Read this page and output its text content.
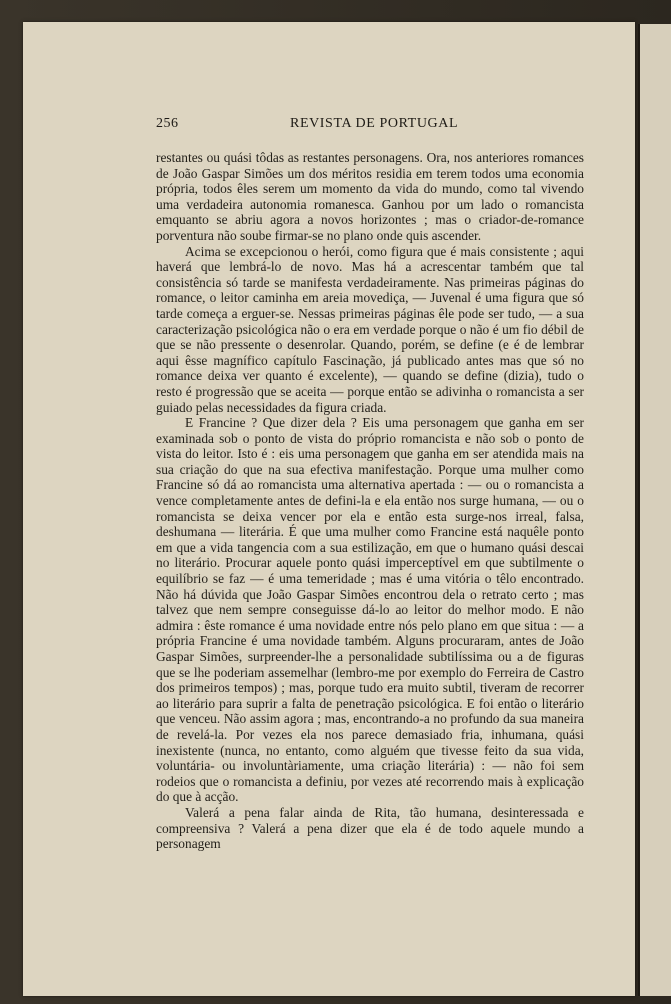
256	REVISTA DE PORTUGAL

restantes ou quási tôdas as restantes personagens. Ora, nos anteriores romances de João Gaspar Simões um dos méritos residia em terem todos uma economia própria, todos êles serem um momento da vida do mundo, como tal vivendo uma verdadeira autonomia romanesca. Ganhou por um lado o romancista emquanto se abriu agora a novos horizontes ; mas o criador-de-romance porventura não soube firmar-se no plano onde quis ascender.

Acima se excepcionou o herói, como figura que é mais consistente ; aqui haverá que lembrá-lo de novo. Mas há a acrescentar também que tal consistência só tarde se manifesta verdadeiramente. Nas primeiras páginas do romance, o leitor caminha em areia movediça, — Juvenal é uma figura que só tarde começa a erguer-se. Nessas primeiras páginas êle pode ser tudo, — a sua caracterização psicológica não o era em verdade porque o não é um fio débil de que se não pressente o desenrolar. Quando, porém, se define (e é de lembrar aqui êsse magnífico capítulo Fascinação, já publicado antes mas que só no romance deixa ver quanto é excelente), — quando se define (dizia), tudo o resto é progressão que se aceita — porque então se adivinha o romancista a ser guiado pelas necessidades da figura criada.

E Francine ? Que dizer dela ? Eis uma personagem que ganha em ser examinada sob o ponto de vista do próprio romancista e não sob o ponto de vista do leitor. Isto é : eis uma personagem que ganha em ser atendida mais na sua criação do que na sua efectiva manifestação. Porque uma mulher como Francine só dá ao romancista uma alternativa apertada : — ou o romancista a vence completamente antes de defini-la e ela então nos surge humana, — ou o romancista se deixa vencer por ela e então esta surge-nos irreal, falsa, deshumana — literária. É que uma mulher como Francine está naquêle ponto em que a vida tangencia com a sua estilização, em que o humano quási descai no literário. Procurar aquele ponto quási imperceptível em que subtilmente o equilíbrio se faz — é uma temeridade ; mas é uma vitória o têlo encontrado. Não há dúvida que João Gaspar Simões encontrou dela o retrato certo ; mas talvez que nem sempre conseguisse dá-lo ao leitor do melhor modo. E não admira : êste romance é uma novidade entre nós pelo plano em que situa : — a própria Francine é uma novidade também. Alguns procuraram, antes de João Gaspar Simões, surpreender-lhe a personalidade subtilíssima ou a de figuras que se lhe poderiam assemelhar (lembro-me por exemplo do Ferreira de Castro dos primeiros tempos) ; mas, porque tudo era muito subtil, tiveram de recorrer ao literário para suprir a falta de penetração psicológica. E foi então o literário que venceu. Não assim agora ; mas, encontrando-a no profundo da sua maneira de revelá-la. Por vezes ela nos parece demasiado fria, inhumana, quási inexistente (nunca, no entanto, como alguém que tivesse feito da sua vida, voluntária- ou involuntàriamente, uma criação literária) : — não foi sem rodeios que o romancista a definiu, por vezes até recorrendo mais à explicação do que à acção.

Valerá a pena falar ainda de Rita, tão humana, desinteressada e compreensiva ? Valerá a pena dizer que ela é de todo aquele mundo a personagem
